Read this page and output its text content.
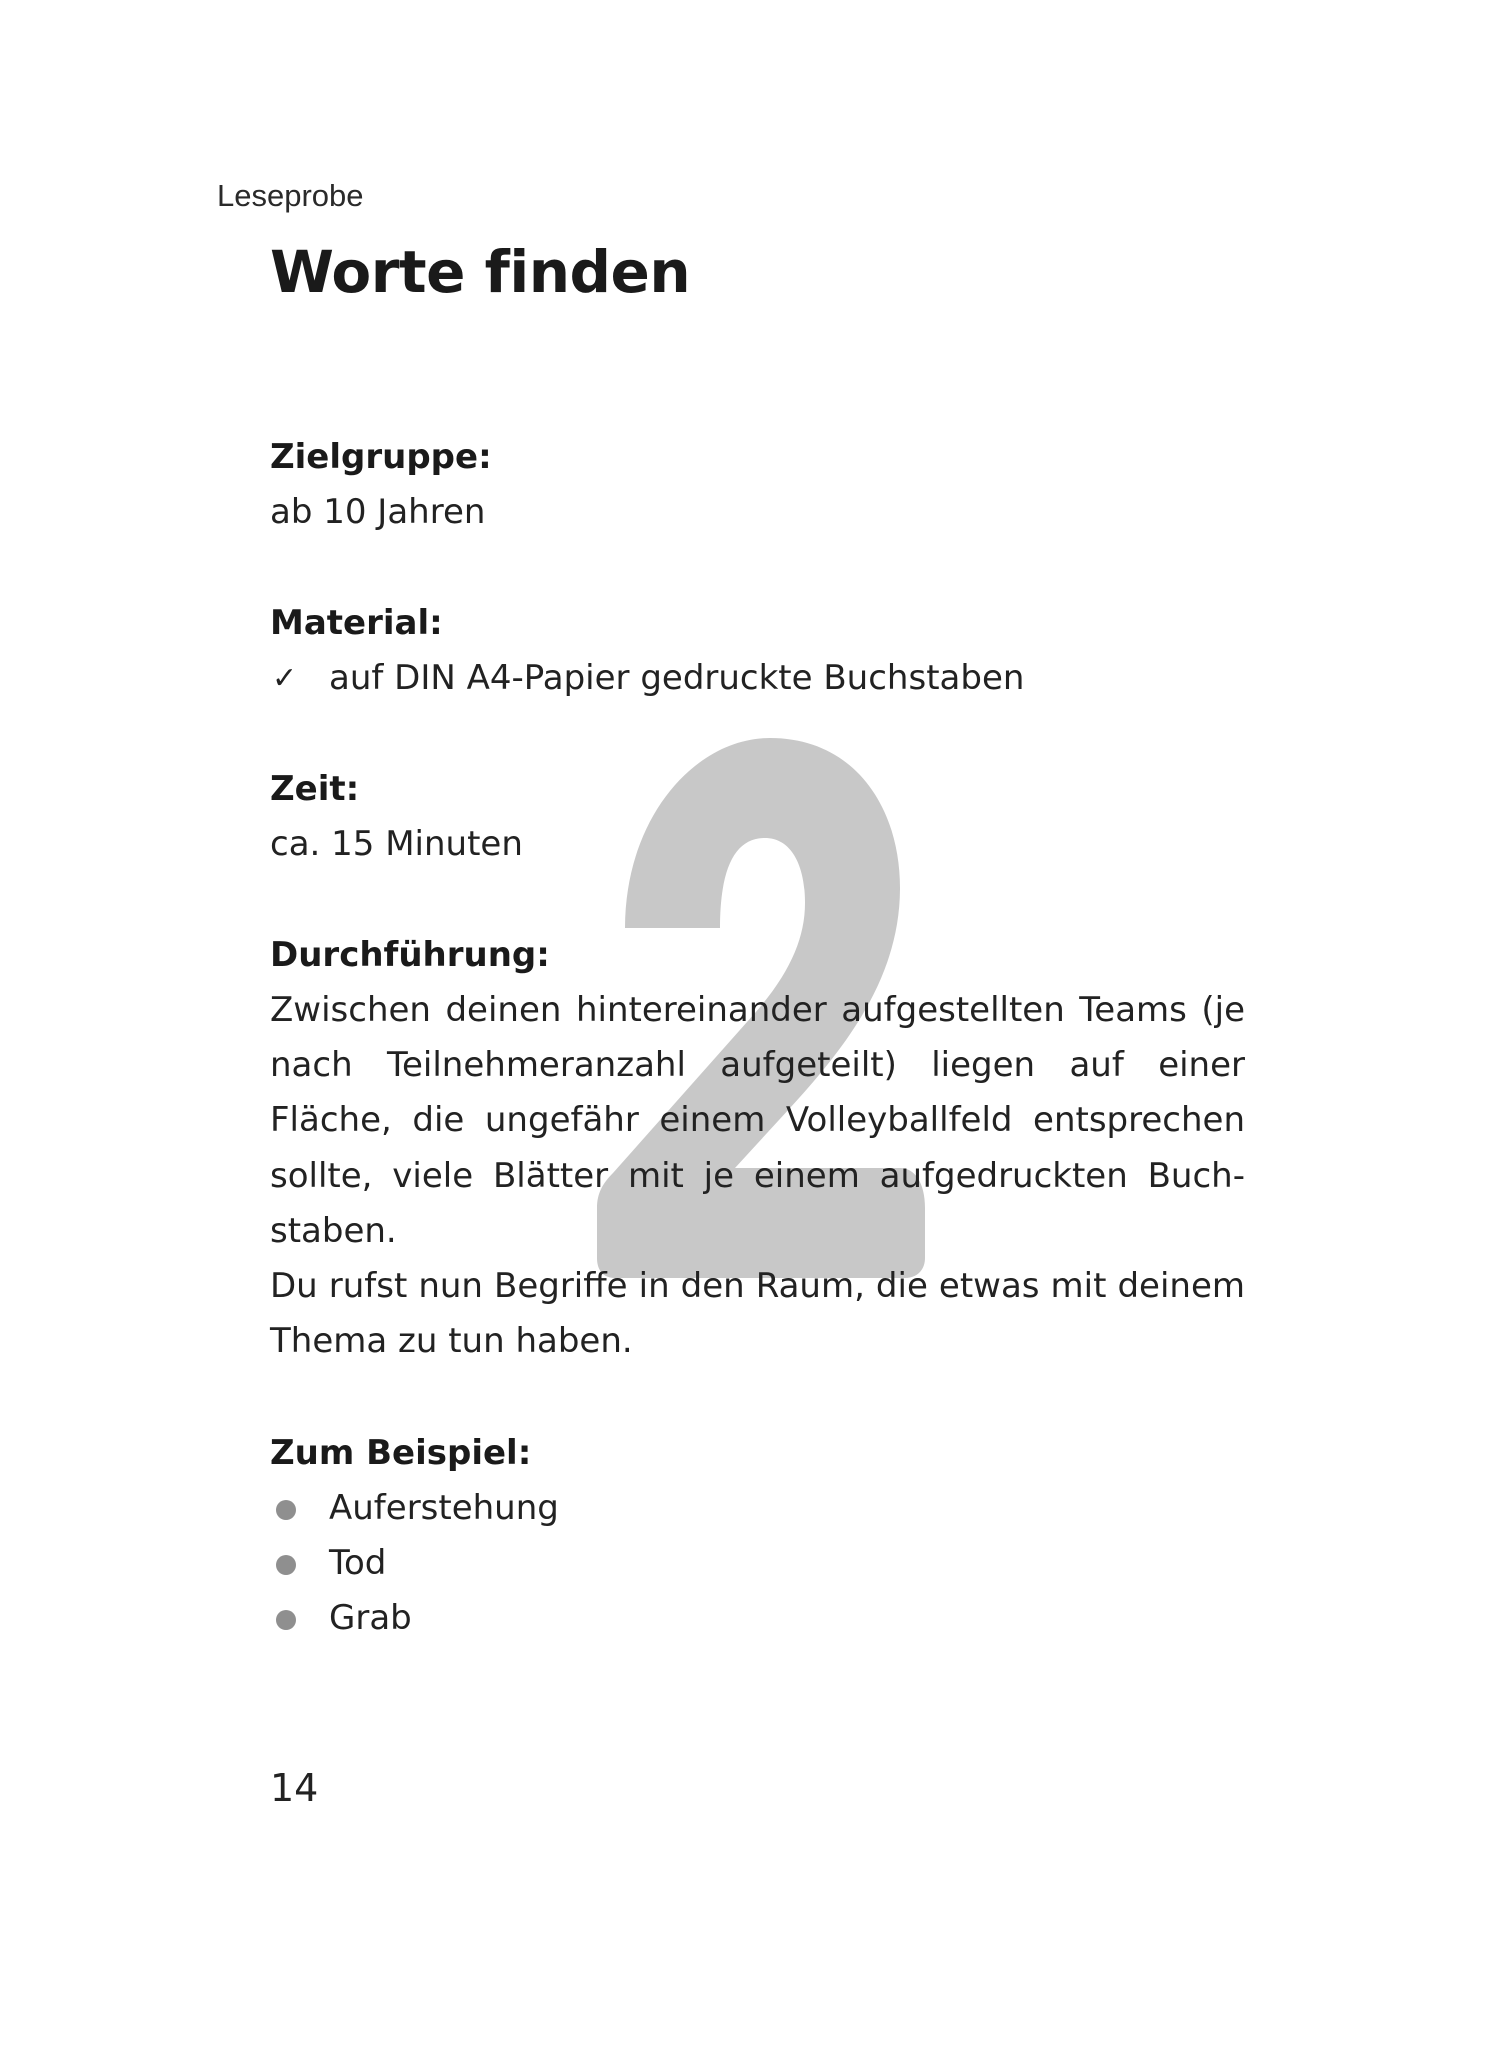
Leseprobe
Worte finden
Zielgruppe:
ab 10 Jahren
Material:
✓ auf DIN A4-Papier gedruckte Buchstaben
Zeit:
ca. 15 Minuten
Durchführung:

Zwischen deinen hintereinander aufgestellten Teams (je nach Teilnehmeranzahl aufgeteilt) liegen auf einer Fläche, die ungefähr einem Volleyballfeld entsprechen sollte, viele Blätter mit je einem aufgedruckten Buchstaben.

Du rufst nun Begriffe in den Raum, die etwas mit deinem Thema zu tun haben.

Zum Beispiel:
Auferstehung
Tod
Grab
14
